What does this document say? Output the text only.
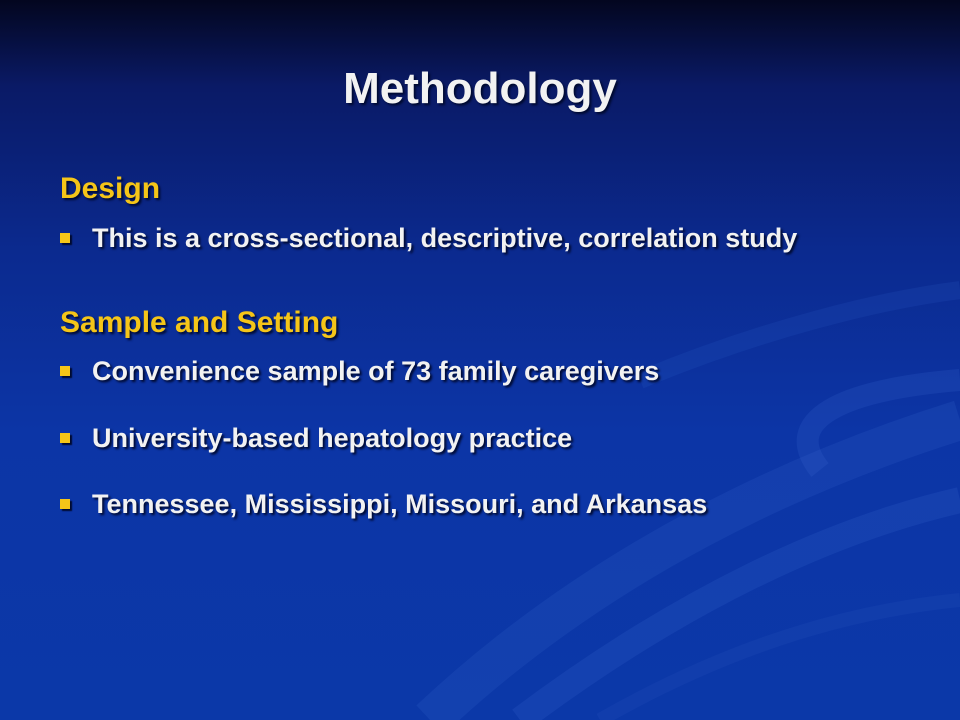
Methodology
Design
This is a cross-sectional, descriptive, correlation study
Sample and Setting
Convenience sample of 73 family caregivers
University-based hepatology practice
Tennessee, Mississippi, Missouri, and Arkansas
